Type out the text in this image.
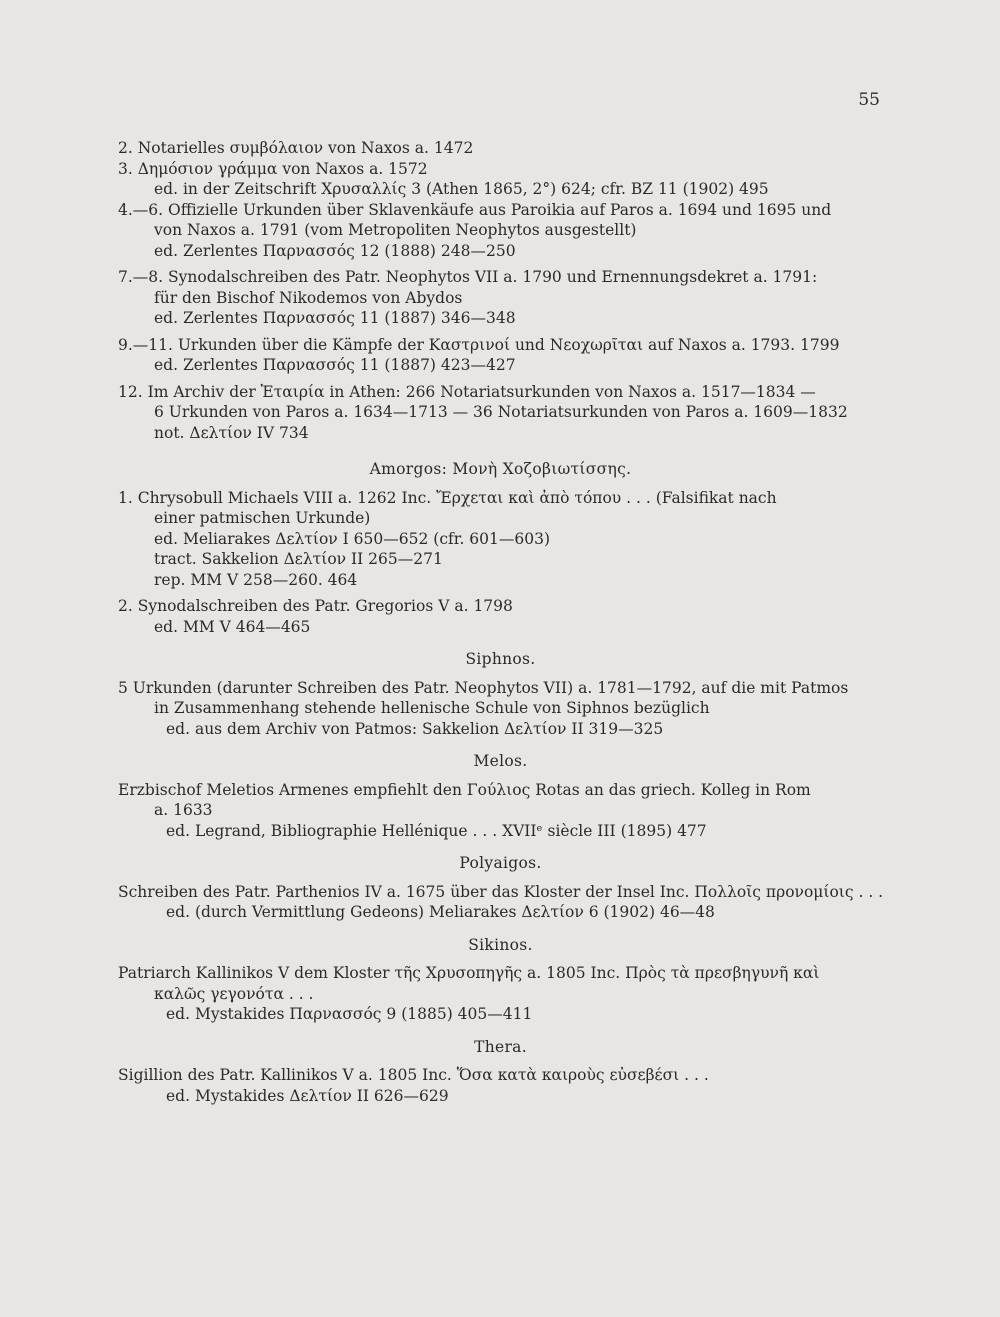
55
2. Notarielles συμβόλαιον von Naxos a. 1472
3. Δημόσιον γράμμα von Naxos a. 1572
ed. in der Zeitschrift Χρυσαλλίς 3 (Athen 1865, 2°) 624; cfr. BZ 11 (1902) 495
4.—6. Offizielle Urkunden über Sklavenkäufe aus Paroikia auf Paros a. 1694 und 1695 und
von Naxos a. 1791 (vom Metropoliten Neophytos ausgestellt)
ed. Zerlentes Παρνασσός 12 (1888) 248—250
7.—8. Synodalschreiben des Patr. Neophytos VII a. 1790 und Ernennungsdekret a. 1791:
für den Bischof Nikodemos von Abydos
ed. Zerlentes Παρνασσός 11 (1887) 346—348
9.—11. Urkunden über die Kämpfe der Καστρινοί und Νεοχωρῖται auf Naxos a. 1793. 1799
ed. Zerlentes Παρνασσός 11 (1887) 423—427
12. Im Archiv der Ἑταιρία in Athen: 266 Notariatsurkunden von Naxos a. 1517—1834 —
6 Urkunden von Paros a. 1634—1713 — 36 Notariatsurkunden von Paros a. 1609—1832
not. Δελτίον IV 734
Amorgos: Μονὴ Χοζοβιωτίσσης.
1. Chrysobull Michaels VIII a. 1262 Inc. Ἔρχεται καὶ ἀπὸ τόπου . . . (Falsifikat nach
einer patmischen Urkunde)
ed. Meliarakes Δελτίον I 650—652 (cfr. 601—603)
tract. Sakkelion Δελτίον II 265—271
rep. MM V 258—260. 464
2. Synodalschreiben des Patr. Gregorios V a. 1798
ed. MM V 464—465
Siphnos.
5 Urkunden (darunter Schreiben des Patr. Neophytos VII) a. 1781—1792, auf die mit Patmos
in Zusammenhang stehende hellenische Schule von Siphnos bezüglich
ed. aus dem Archiv von Patmos: Sakkelion Δελτίον II 319—325
Melos.
Erzbischof Meletios Armenes empfiehlt den Γούλιος Rotas an das griech. Kolleg in Rom
a. 1633
ed. Legrand, Bibliographie Hellénique . . . XVIIᵉ siècle III (1895) 477
Polyaigos.
Schreiben des Patr. Parthenios IV a. 1675 über das Kloster der Insel Inc. Πολλοῖς προνομίοις . . .
ed. (durch Vermittlung Gedeons) Meliarakes Δελτίον 6 (1902) 46—48
Sikinos.
Patriarch Kallinikos V dem Kloster τῆς Χρυσοπηγῆς a. 1805 Inc. Πρὸς τὰ πρεσβηγυνῆ καὶ
καλῶς γεγονότα . . .
ed. Mystakides Παρνασσός 9 (1885) 405—411
Thera.
Sigillion des Patr. Kallinikos V a. 1805 Inc. Ὅσα κατὰ καιροὺς εὐσεβέσι . . .
ed. Mystakides Δελτίον II 626—629
